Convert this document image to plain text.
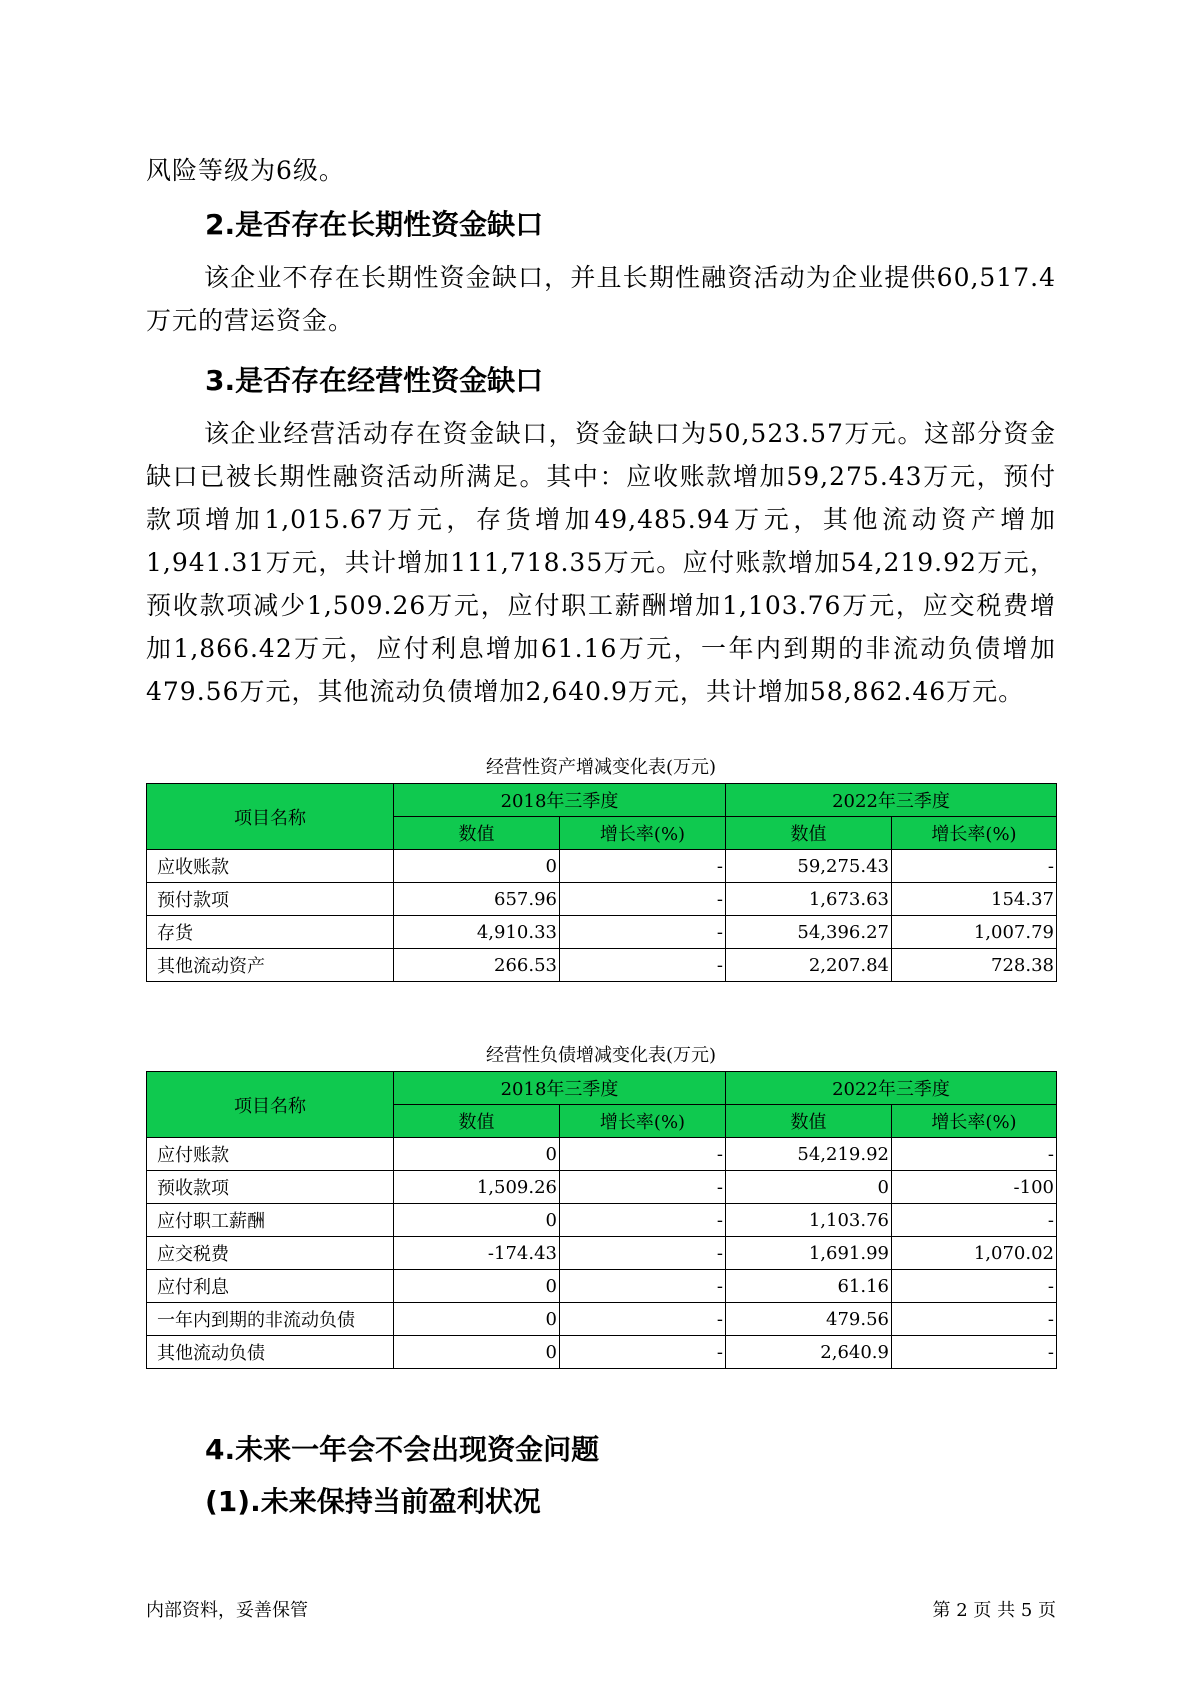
风险等级为6级。

2.是否存在长期性资金缺口

该企业不存在长期性资金缺口，并且长期性融资活动为企业提供60,517.4万元的营运资金。

3.是否存在经营性资金缺口

该企业经营活动存在资金缺口，资金缺口为50,523.57万元。这部分资金缺口已被长期性融资活动所满足。其中：应收账款增加59,275.43万元，预付款项增加1,015.67万元，存货增加49,485.94万元，其他流动资产增加1,941.31万元，共计增加111,718.35万元。应付账款增加54,219.92万元，预收款项减少1,509.26万元，应付职工薪酬增加1,103.76万元，应交税费增加1,866.42万元，应付利息增加61.16万元，一年内到期的非流动负债增加479.56万元，其他流动负债增加2,640.9万元，共计增加58,862.46万元。

经营性资产增减变化表(万元)
项目名称	2018年三季度		2022年三季度	
	数值	增长率(%)	数值	增长率(%)
应收账款	0	-	59,275.43	-
预付款项	657.96	-	1,673.63	154.37
存货	4,910.33	-	54,396.27	1,007.79
其他流动资产	266.53	-	2,207.84	728.38
经营性负债增减变化表(万元)
项目名称	2018年三季度		2022年三季度	
	数值	增长率(%)	数值	增长率(%)
应付账款	0	-	54,219.92	-
预收款项	1,509.26	-	0	-100
应付职工薪酬	0	-	1,103.76	-
应交税费	-174.43	-	1,691.99	1,070.02
应付利息	0	-	61.16	-
一年内到期的非流动负债	0	-	479.56	-
其他流动负债	0	-	2,640.9	-
4.未来一年会不会出现资金问题
(1).未来保持当前盈利状况
内部资料，妥善保管	第 2 页 共 5 页
